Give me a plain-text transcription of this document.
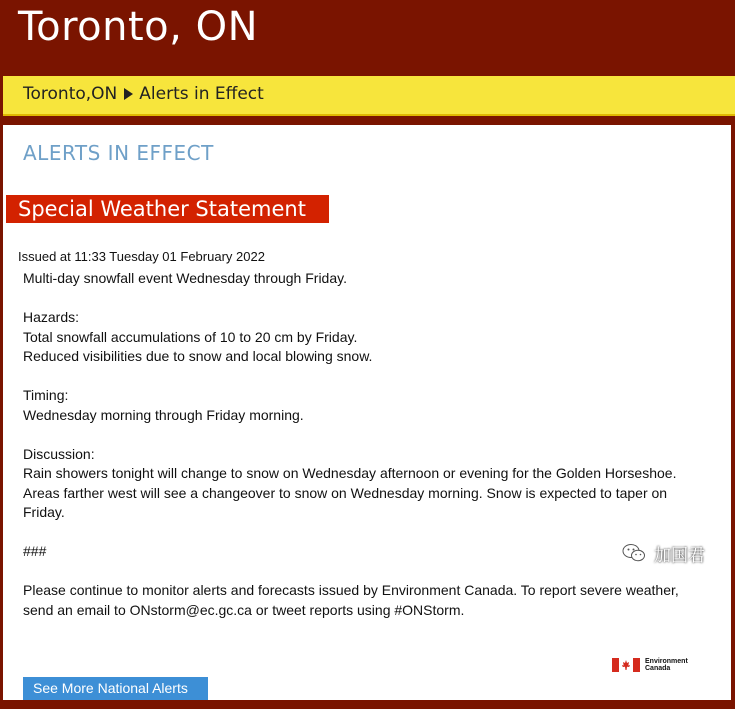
Toronto, ON
Toronto,ON Alerts in Effect
ALERTS IN EFFECT
Special Weather Statement
Issued at 11:33 Tuesday 01 February 2022

Multi-day snowfall event Wednesday through Friday.

Hazards:
Total snowfall accumulations of 10 to 20 cm by Friday.
Reduced visibilities due to snow and local blowing snow.

Timing:
Wednesday morning through Friday morning.

Discussion:
Rain showers tonight will change to snow on Wednesday afternoon or evening for the Golden Horseshoe. Areas farther west will see a changeover to snow on Wednesday morning. Snow is expected to taper on Friday.

###

Please continue to monitor alerts and forecasts issued by Environment Canada. To report severe weather, send an email to ONstorm@ec.gc.ca or tweet reports using #ONStorm.

Environment
Canada
See More National Alerts
加国君
